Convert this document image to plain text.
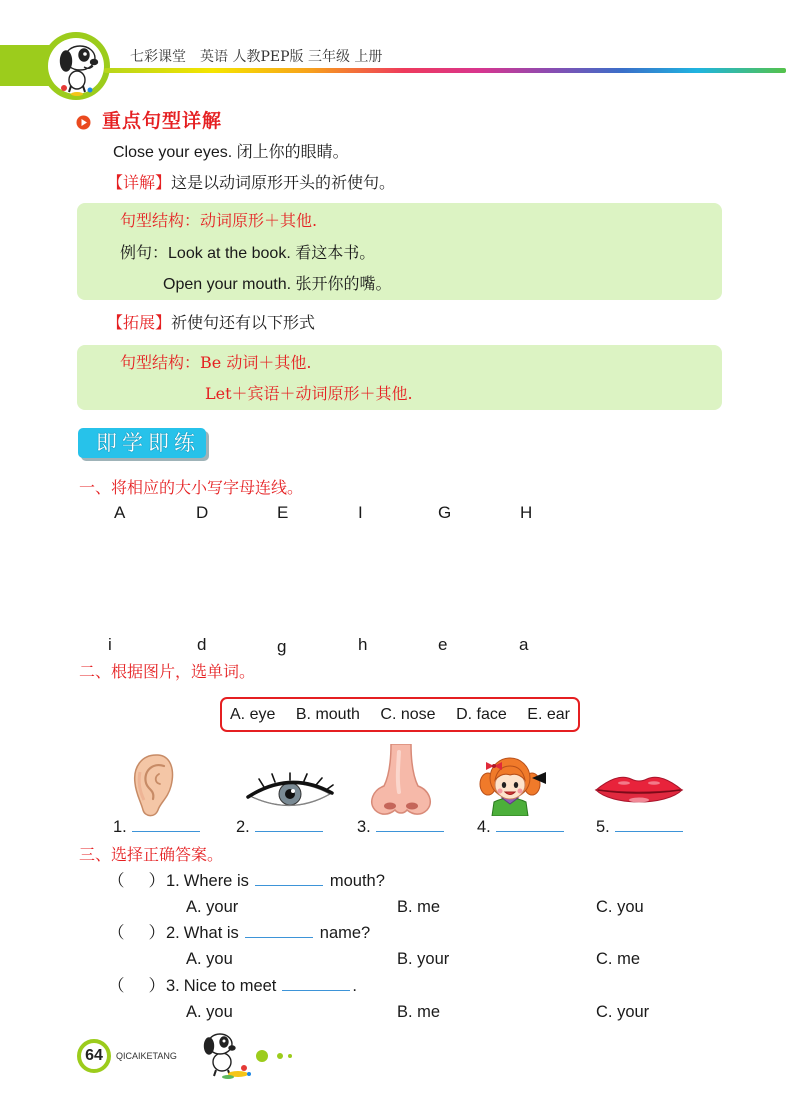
七彩课堂　英语 人教PEP版 三年级 上册
重点句型详解
Close your eyes. 闭上你的眼睛。
【详解】这是以动词原形开头的祈使句。
句型结构：动词原形＋其他.
例句：Look at the book. 看这本书。
Open your mouth. 张开你的嘴。
【拓展】祈使句还有以下形式
句型结构：Be 动词＋其他.
Let＋宾语＋动词原形＋其他.
即学即练
一、将相应的大小写字母连线。
A	D	E	I	G	H
i	d	g	h	e	a
二、根据图片，选单词。
A. eye B. mouth C. nose D. face E. ear
1.	2.	3.	4.	5.
三、选择正确答案。
（　　） 1. Where is	mouth?
A. your	B. me	C. you
（　　） 2. What is	name?
A. you	B. your	C. me
（　　） 3. Nice to meet	.
A. you	B. me	C. your
64	QICAIKETANG
